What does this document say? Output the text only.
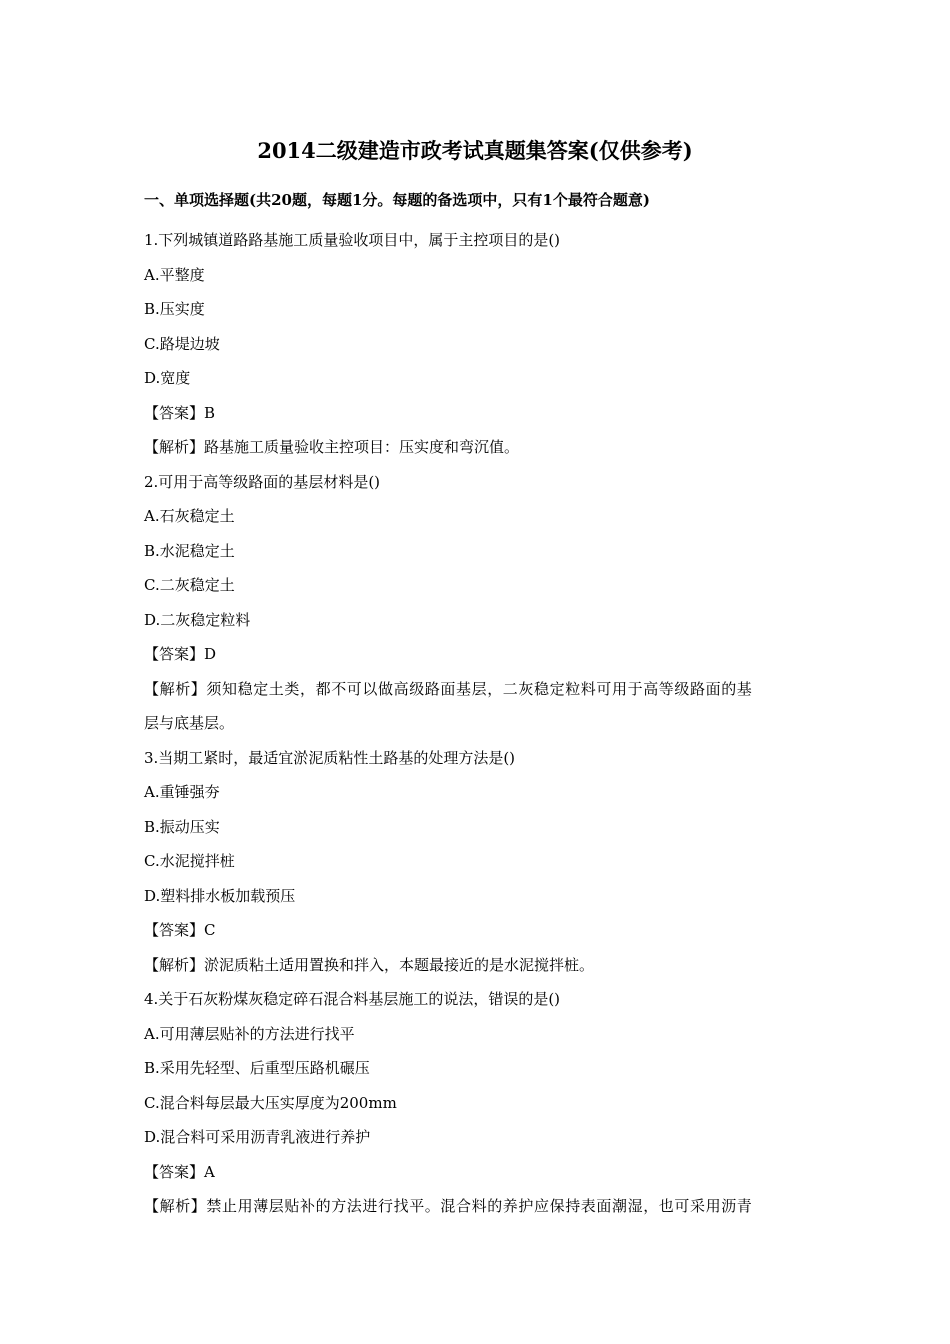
2014二级建造市政考试真题集答案(仅供参考)
一、单项选择题(共20题，每题1分。每题的备选项中，只有1个最符合题意)
1.下列城镇道路路基施工质量验收项目中，属于主控项目的是()
A.平整度
B.压实度
C.路堤边坡
D.宽度
【答案】B
【解析】路基施工质量验收主控项目：压实度和弯沉值。
2.可用于高等级路面的基层材料是()
A.石灰稳定土
B.水泥稳定土
C.二灰稳定土
D.二灰稳定粒料
【答案】D
【解析】须知稳定土类，都不可以做高级路面基层，二灰稳定粒料可用于高等级路面的基
层与底基层。
3.当期工紧时，最适宜淤泥质粘性土路基的处理方法是()
A.重锤强夯
B.振动压实
C.水泥搅拌桩
D.塑料排水板加载预压
【答案】C
【解析】淤泥质粘土适用置换和拌入，本题最接近的是水泥搅拌桩。
4.关于石灰粉煤灰稳定碎石混合料基层施工的说法，错误的是()
A.可用薄层贴补的方法进行找平
B.采用先轻型、后重型压路机碾压
C.混合料每层最大压实厚度为200mm
D.混合料可采用沥青乳液进行养护
【答案】A
【解析】禁止用薄层贴补的方法进行找平。混合料的养护应保持表面潮湿，也可采用沥青
